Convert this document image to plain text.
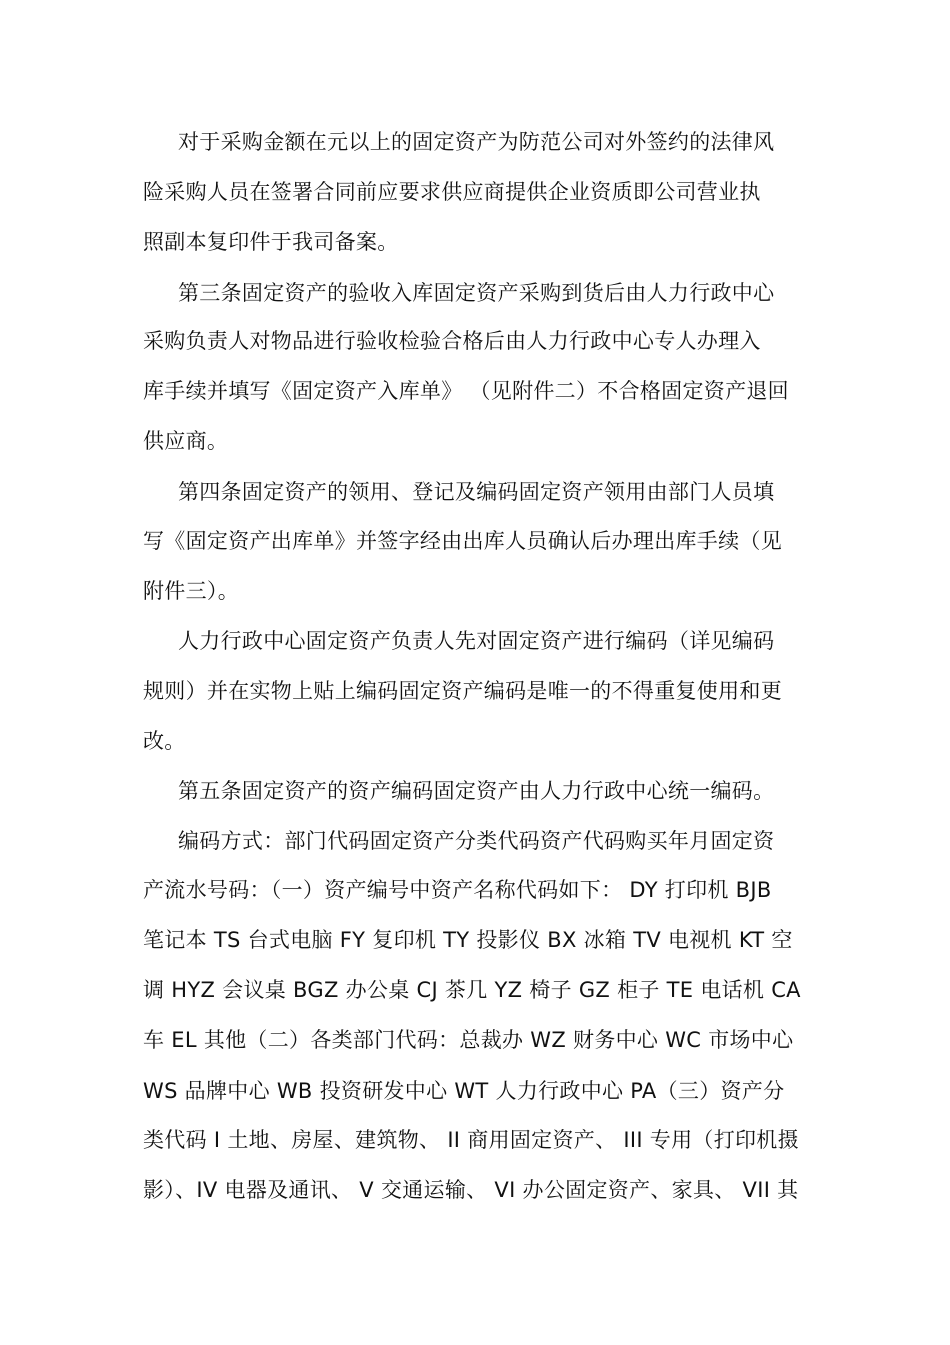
对于采购金额在元以上的固定资产为防范公司对外签约的法律风
险采购人员在签署合同前应要求供应商提供企业资质即公司营业执
照副本复印件于我司备案。
第三条固定资产的验收入库固定资产采购到货后由人力行政中心
采购负责人对物品进行验收检验合格后由人力行政中心专人办理入
库手续并填写《固定资产入库单》 （见附件二）不合格固定资产退回
供应商。
第四条固定资产的领用、登记及编码固定资产领用由部门人员填
写《固定资产出库单》并签字经由出库人员确认后办理出库手续（见
附件三）。
人力行政中心固定资产负责人先对固定资产进行编码（详见编码
规则）并在实物上贴上编码固定资产编码是唯一的不得重复使用和更
改。
第五条固定资产的资产编码固定资产由人力行政中心统一编码。
编码方式：部门代码固定资产分类代码资产代码购买年月固定资
产流水号码：（一）资产编号中资产名称代码如下： DY 打印机 BJB
笔记本 TS 台式电脑 FY 复印机 TY 投影仪 BX 冰箱 TV 电视机 KT 空
调 HYZ 会议桌 BGZ 办公桌 CJ 茶几 YZ 椅子 GZ 柜子 TE 电话机 CA
车 EL 其他（二）各类部门代码：总裁办 WZ 财务中心 WC 市场中心
WS 品牌中心 WB 投资研发中心 WT 人力行政中心 PA（三）资产分
类代码 I 土地、房屋、建筑物、 II 商用固定资产、 III 专用（打印机摄
影）、IV 电器及通讯、 V 交通运输、 VI 办公固定资产、家具、 VII 其
